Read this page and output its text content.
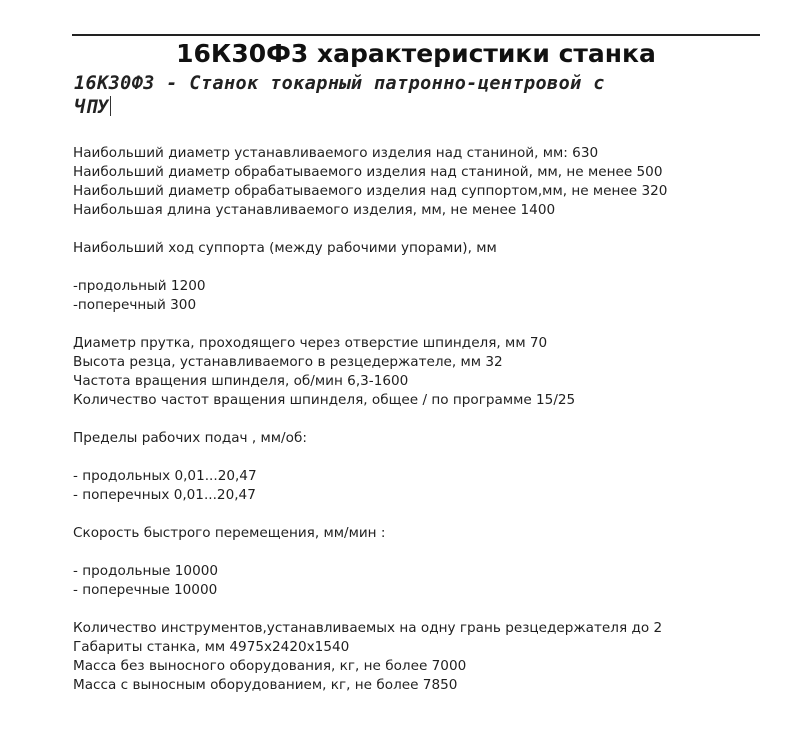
16К30Ф3 характеристики станка
16К30Ф3 - Станок токарный патронно-центровой с
ЧПУ
Наибольший диаметр устанавливаемого изделия над станиной, мм: 630
Наибольший диаметр обрабатываемого изделия над станиной, мм, не менее 500
Наибольший диаметр обрабатываемого изделия над суппортом,мм, не менее 320
Наибольшая длина устанавливаемого изделия, мм, не менее 1400
Наибольший ход суппорта (между рабочими упорами), мм
-продольный 1200
-поперечный 300
Диаметр прутка, проходящего через отверстие шпинделя, мм 70
Высота резца, устанавливаемого в резцедержателе, мм 32
Частота вращения шпинделя, об/мин 6,3-1600
Количество частот вращения шпинделя, общее / по программе 15/25
Пределы рабочих подач , мм/об:
- продольных 0,01...20,47
- поперечных 0,01...20,47
Скорость быстрого перемещения, мм/мин :
- продольные 10000
- поперечные 10000
Количество инструментов,устанавливаемых на одну грань резцедержателя до 2
Габариты станка, мм 4975х2420х1540
Масса без выносного оборудования, кг, не более 7000
Масса с выносным оборудованием, кг, не более 7850
